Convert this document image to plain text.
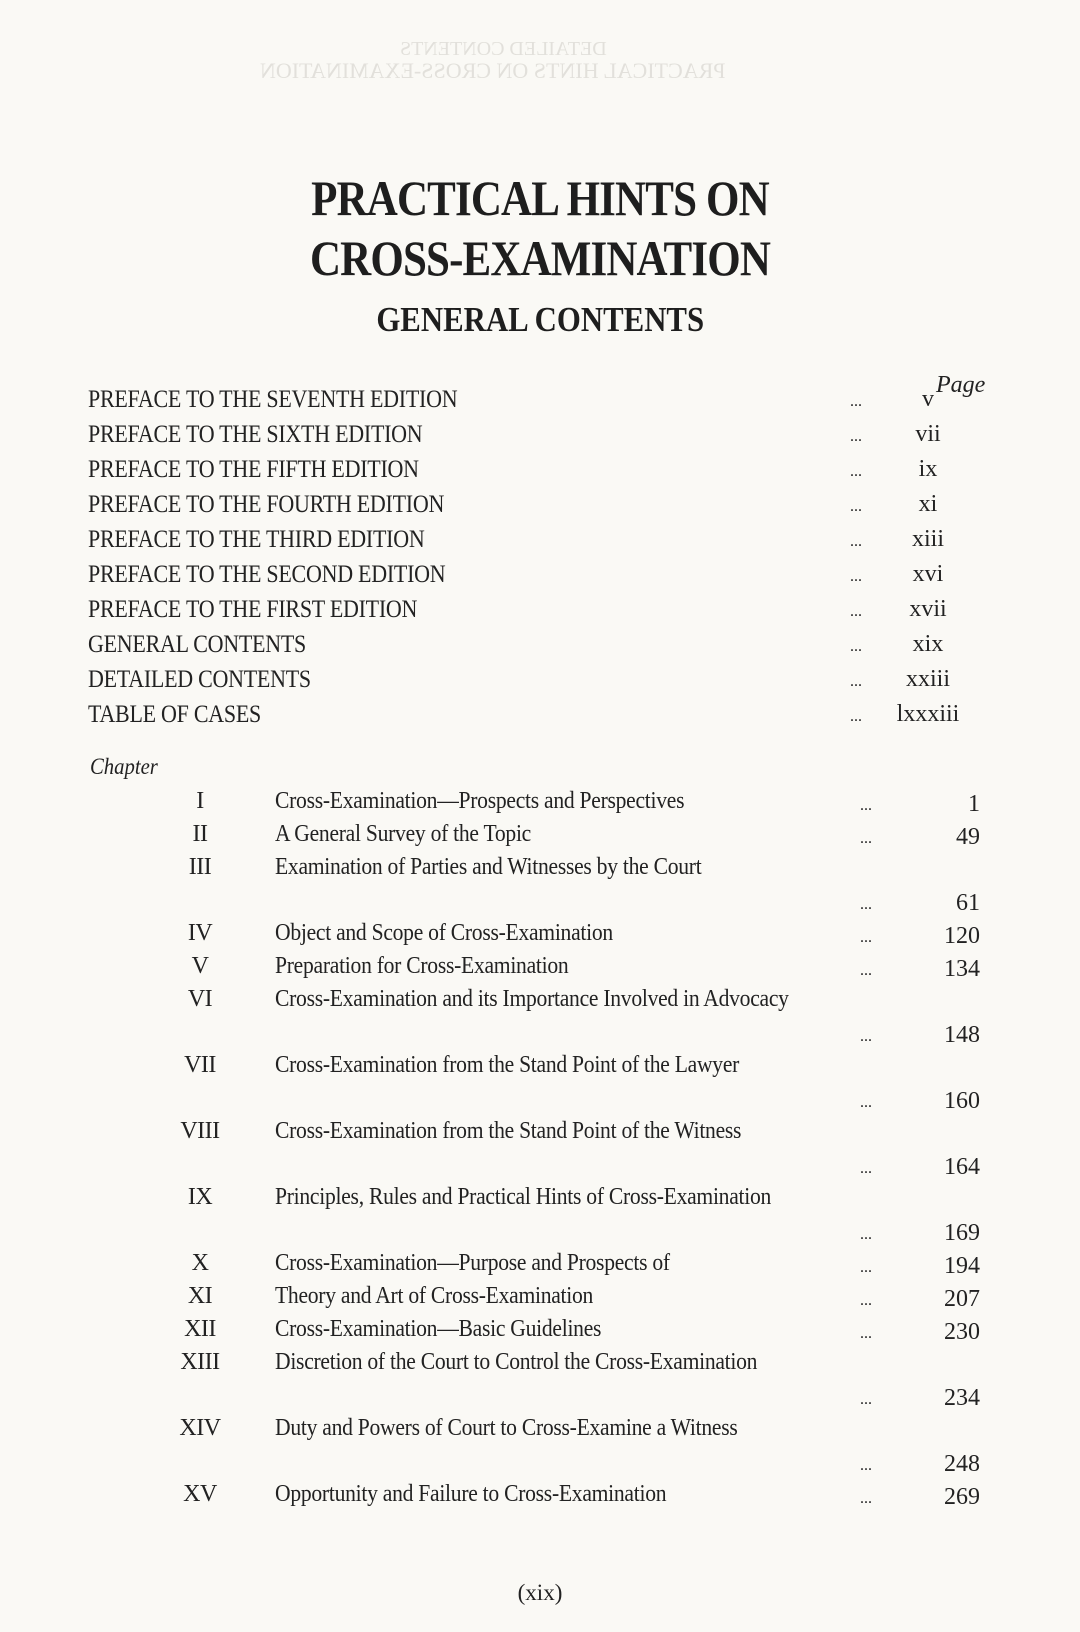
PRACTICAL HINTS ON CROSS-EXAMINATION
DETAILED CONTENTS
PRACTICAL HINTS ON
CROSS-EXAMINATION
GENERAL CONTENTS
Page
PREFACE TO THE SEVENTH EDITION	...	v
PREFACE TO THE SIXTH EDITION	...	vii
PREFACE TO THE FIFTH EDITION	...	ix
PREFACE TO THE FOURTH EDITION	...	xi
PREFACE TO THE THIRD EDITION	...	xiii
PREFACE TO THE SECOND EDITION	...	xvi
PREFACE TO THE FIRST EDITION	...	xvii
GENERAL CONTENTS	...	xix
DETAILED CONTENTS	...	xxiii
TABLE OF CASES	...	lxxxiii
Chapter
I	Cross-Examination—Prospects and Perspectives	...	1
II	A General Survey of the Topic	...	49
III	Examination of Parties and Witnesses by the Court
...	61
IV	Object and Scope of Cross-Examination	...	120
V	Preparation for Cross-Examination	...	134
VI	Cross-Examination and its Importance Involved in Advocacy
...	148
VII	Cross-Examination from the Stand Point of the Lawyer
...	160
VIII	Cross-Examination from the Stand Point of the Witness
...	164
IX	Principles, Rules and Practical Hints of Cross-Examination
...	169
X	Cross-Examination—Purpose and Prospects of	...	194
XI	Theory and Art of Cross-Examination	...	207
XII	Cross-Examination—Basic Guidelines	...	230
XIII	Discretion of the Court to Control the Cross-Examination
...	234
XIV	Duty and Powers of Court to Cross-Examine a Witness
...	248
XV	Opportunity and Failure to Cross-Examination	...	269
(xix)
